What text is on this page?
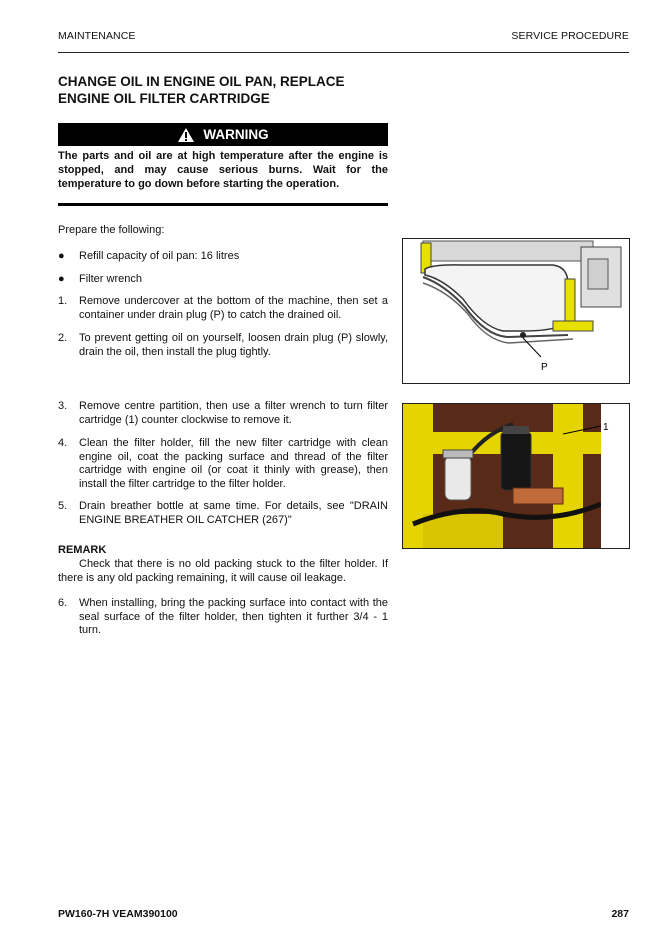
MAINTENANCE	SERVICE PROCEDURE
CHANGE OIL IN ENGINE OIL PAN, REPLACE
ENGINE OIL FILTER CARTRIDGE
WARNING
The parts and oil are at high temperature after the engine is stopped, and may cause serious burns. Wait for the temperature to go down before starting the operation.
Prepare the following:
● Refill capacity of oil pan: 16 litres
● Filter wrench
1. Remove undercover at the bottom of the machine, then set a container under drain plug (P) to catch the drained oil.
2. To prevent getting oil on yourself, loosen drain plug (P) slowly, drain the oil, then install the plug tightly.
3. Remove centre partition, then use a filter wrench to turn filter cartridge (1) counter clockwise to remove it.
4. Clean the filter holder, fill the new filter cartridge with clean engine oil, coat the packing surface and thread of the filter cartridge with engine oil (or coat it thinly with grease), then install the filter cartridge to the filter holder.
5. Drain breather bottle at same time. For details, see "DRAIN ENGINE BREATHER OIL CATCHER (267)"
REMARK
Check that there is no old packing stuck to the filter holder. If there is any old packing remaining, it will cause oil leakage.
6. When installing, bring the packing surface into contact with the seal surface of the filter holder, then tighten it further 3/4 - 1 turn.
P
1
PW160-7H VEAM390100	287
